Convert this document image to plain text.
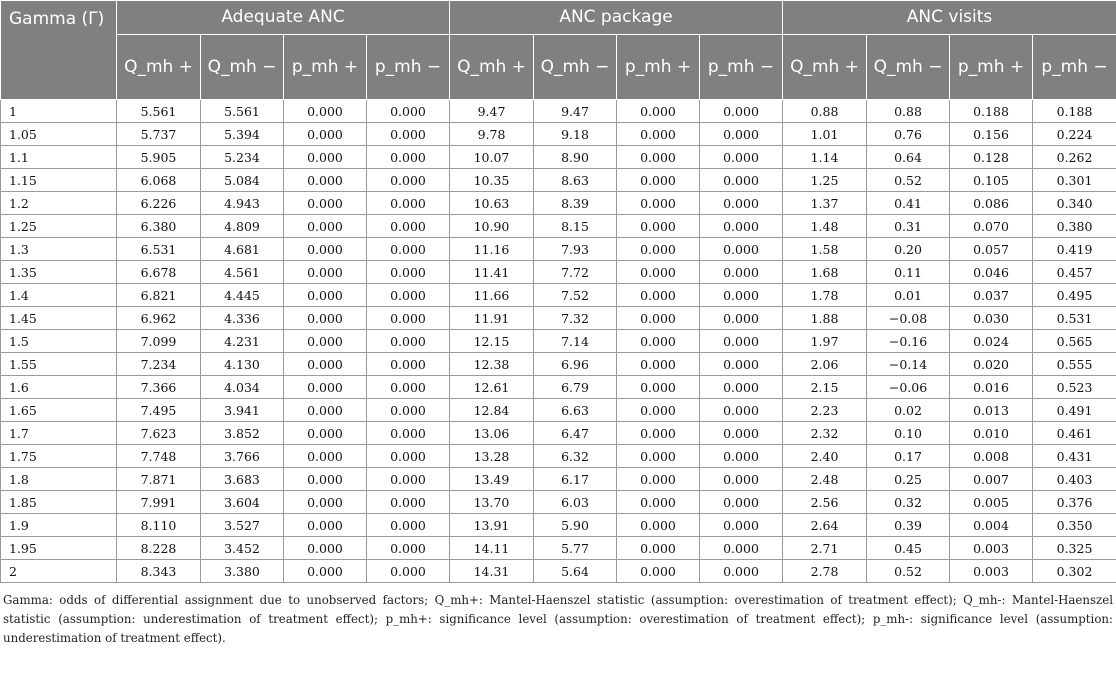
Gamma (Γ)	Adequate ANC				ANC package				ANC visits			
	Q_mh +	Q_mh −	p_mh +	p_mh −	Q_mh +	Q_mh −	p_mh +	p_mh −	Q_mh +	Q_mh −	p_mh +	p_mh −
1	5.561	5.561	0.000	0.000	9.47	9.47	0.000	0.000	0.88	0.88	0.188	0.188
1.05	5.737	5.394	0.000	0.000	9.78	9.18	0.000	0.000	1.01	0.76	0.156	0.224
1.1	5.905	5.234	0.000	0.000	10.07	8.90	0.000	0.000	1.14	0.64	0.128	0.262
1.15	6.068	5.084	0.000	0.000	10.35	8.63	0.000	0.000	1.25	0.52	0.105	0.301
1.2	6.226	4.943	0.000	0.000	10.63	8.39	0.000	0.000	1.37	0.41	0.086	0.340
1.25	6.380	4.809	0.000	0.000	10.90	8.15	0.000	0.000	1.48	0.31	0.070	0.380
1.3	6.531	4.681	0.000	0.000	11.16	7.93	0.000	0.000	1.58	0.20	0.057	0.419
1.35	6.678	4.561	0.000	0.000	11.41	7.72	0.000	0.000	1.68	0.11	0.046	0.457
1.4	6.821	4.445	0.000	0.000	11.66	7.52	0.000	0.000	1.78	0.01	0.037	0.495
1.45	6.962	4.336	0.000	0.000	11.91	7.32	0.000	0.000	1.88	−0.08	0.030	0.531
1.5	7.099	4.231	0.000	0.000	12.15	7.14	0.000	0.000	1.97	−0.16	0.024	0.565
1.55	7.234	4.130	0.000	0.000	12.38	6.96	0.000	0.000	2.06	−0.14	0.020	0.555
1.6	7.366	4.034	0.000	0.000	12.61	6.79	0.000	0.000	2.15	−0.06	0.016	0.523
1.65	7.495	3.941	0.000	0.000	12.84	6.63	0.000	0.000	2.23	0.02	0.013	0.491
1.7	7.623	3.852	0.000	0.000	13.06	6.47	0.000	0.000	2.32	0.10	0.010	0.461
1.75	7.748	3.766	0.000	0.000	13.28	6.32	0.000	0.000	2.40	0.17	0.008	0.431
1.8	7.871	3.683	0.000	0.000	13.49	6.17	0.000	0.000	2.48	0.25	0.007	0.403
1.85	7.991	3.604	0.000	0.000	13.70	6.03	0.000	0.000	2.56	0.32	0.005	0.376
1.9	8.110	3.527	0.000	0.000	13.91	5.90	0.000	0.000	2.64	0.39	0.004	0.350
1.95	8.228	3.452	0.000	0.000	14.11	5.77	0.000	0.000	2.71	0.45	0.003	0.325
2	8.343	3.380	0.000	0.000	14.31	5.64	0.000	0.000	2.78	0.52	0.003	0.302

Gamma: odds of differential assignment due to unobserved factors; Q_mh+: Mantel-Haenszel statistic (assumption: overestimation of treatment effect); Q_mh-: Mantel-Haenszel statistic (assumption: underestimation of treatment effect); p_mh+: significance level (assumption: overestimation of treatment effect); p_mh-: significance level (assumption: underestimation of treatment effect).
